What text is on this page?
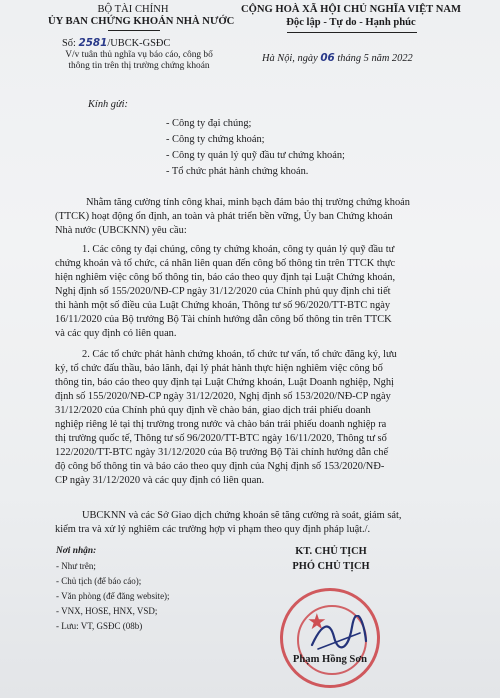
BỘ TÀI CHÍNH
ỦY BAN CHỨNG KHOÁN NHÀ NƯỚC
Số: 2581/UBCK-GSĐC
V/v tuân thủ nghĩa vụ báo cáo, công bố
thông tin trên thị trường chứng khoán
CỘNG HOÀ XÃ HỘI CHỦ NGHĨA VIỆT NAM
Độc lập - Tự do - Hạnh phúc
Hà Nội, ngày 06 tháng 5 năm 2022
Kính gửi:
- Công ty đại chúng;
- Công ty chứng khoán;
- Công ty quản lý quỹ đầu tư chứng khoán;
- Tổ chức phát hành chứng khoán.
Nhằm tăng cường tính công khai, minh bạch đảm bảo thị trường chứng khoán
(TTCK) hoạt động ổn định, an toàn và phát triển bền vững, Ủy ban Chứng khoán
Nhà nước (UBCKNN) yêu cầu:
1. Các công ty đại chúng, công ty chứng khoán, công ty quản lý quỹ đầu tư
chứng khoán và tổ chức, cá nhân liên quan đến công bố thông tin trên TTCK thực
hiện nghiêm việc công bố thông tin, báo cáo theo quy định tại Luật Chứng khoán,
Nghị định số 155/2020/NĐ-CP ngày 31/12/2020 của Chính phủ quy định chi tiết
thi hành một số điều của Luật Chứng khoán, Thông tư số 96/2020/TT-BTC ngày
16/11/2020 của Bộ trưởng Bộ Tài chính hướng dẫn công bố thông tin trên TTCK
và các quy định có liên quan.
2. Các tổ chức phát hành chứng khoán, tổ chức tư vấn, tổ chức đăng ký, lưu
ký, tổ chức đấu thầu, bảo lãnh, đại lý phát hành thực hiện nghiêm việc công bố
thông tin, báo cáo theo quy định tại Luật Chứng khoán, Luật Doanh nghiệp, Nghị
định số 155/2020/NĐ-CP ngày 31/12/2020, Nghị định số 153/2020/NĐ-CP ngày
31/12/2020 của Chính phủ quy định về chào bán, giao dịch trái phiếu doanh
nghiệp riêng lẻ tại thị trường trong nước và chào bán trái phiếu doanh nghiệp ra
thị trường quốc tế, Thông tư số 96/2020/TT-BTC ngày 16/11/2020, Thông tư số
122/2020/TT-BTC ngày 31/12/2020 của Bộ trưởng Bộ Tài chính hướng dẫn chế
độ công bố thông tin và báo cáo theo quy định của Nghị định số 153/2020/NĐ-
CP ngày 31/12/2020 và các quy định có liên quan.
UBCKNN và các Sở Giao dịch chứng khoán sẽ tăng cường rà soát, giám sát,
kiểm tra và xử lý nghiêm các trường hợp vi phạm theo quy định pháp luật./.
Nơi nhận:
- Như trên;
- Chủ tịch (để báo cáo);
- Văn phòng (để đăng website);
- VNX, HOSE, HNX, VSD;
- Lưu: VT, GSĐC (08b)
KT. CHỦ TỊCH
PHÓ CHỦ TỊCH
★
Phạm Hồng Sơn
